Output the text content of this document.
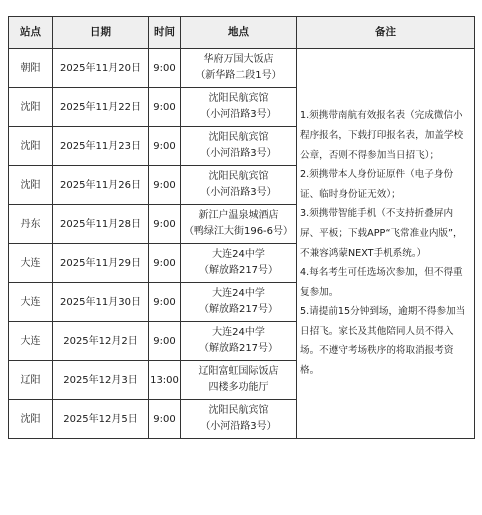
站点	日期	时间	地点	备注
朝阳	2025年11月20日	9:00	华府万国大饭店
（新华路二段1号）	1.须携带南航有效报名表（完成微信小程序报名，下载打印报名表，加盖学校公章，否则不得参加当日招飞）；
2.须携带本人身份证原件（电子身份证、临时身份证无效）；
3.须携带智能手机（不支持折叠屏内屏、平板；下载APP“飞常准业内版”，不兼容鸿蒙NEXT手机系统。）
4.每名考生可任选场次参加，但不得重复参加。
5.请提前15分钟到场，逾期不得参加当日招飞。家长及其他陪同人员不得入场。不遵守考场秩序的将取消报考资格。

沈阳	2025年11月22日	9:00	沈阳民航宾馆
（小河沿路3号）	

沈阳	2025年11月23日	9:00	沈阳民航宾馆
（小河沿路3号）	

沈阳	2025年11月26日	9:00	沈阳民航宾馆
（小河沿路3号）	

丹东	2025年11月28日	9:00	新江户温泉城酒店
（鸭绿江大街196-6号）	

大连	2025年11月29日	9:00	大连24中学
（解放路217号）	

大连	2025年11月30日	9:00	大连24中学
（解放路217号）	

大连	2025年12月2日	9:00	大连24中学
（解放路217号）	

辽阳	2025年12月3日	13:00	辽阳富虹国际饭店
四楼多功能厅	

沈阳	2025年12月5日	9:00	沈阳民航宾馆
（小河沿路3号）	
